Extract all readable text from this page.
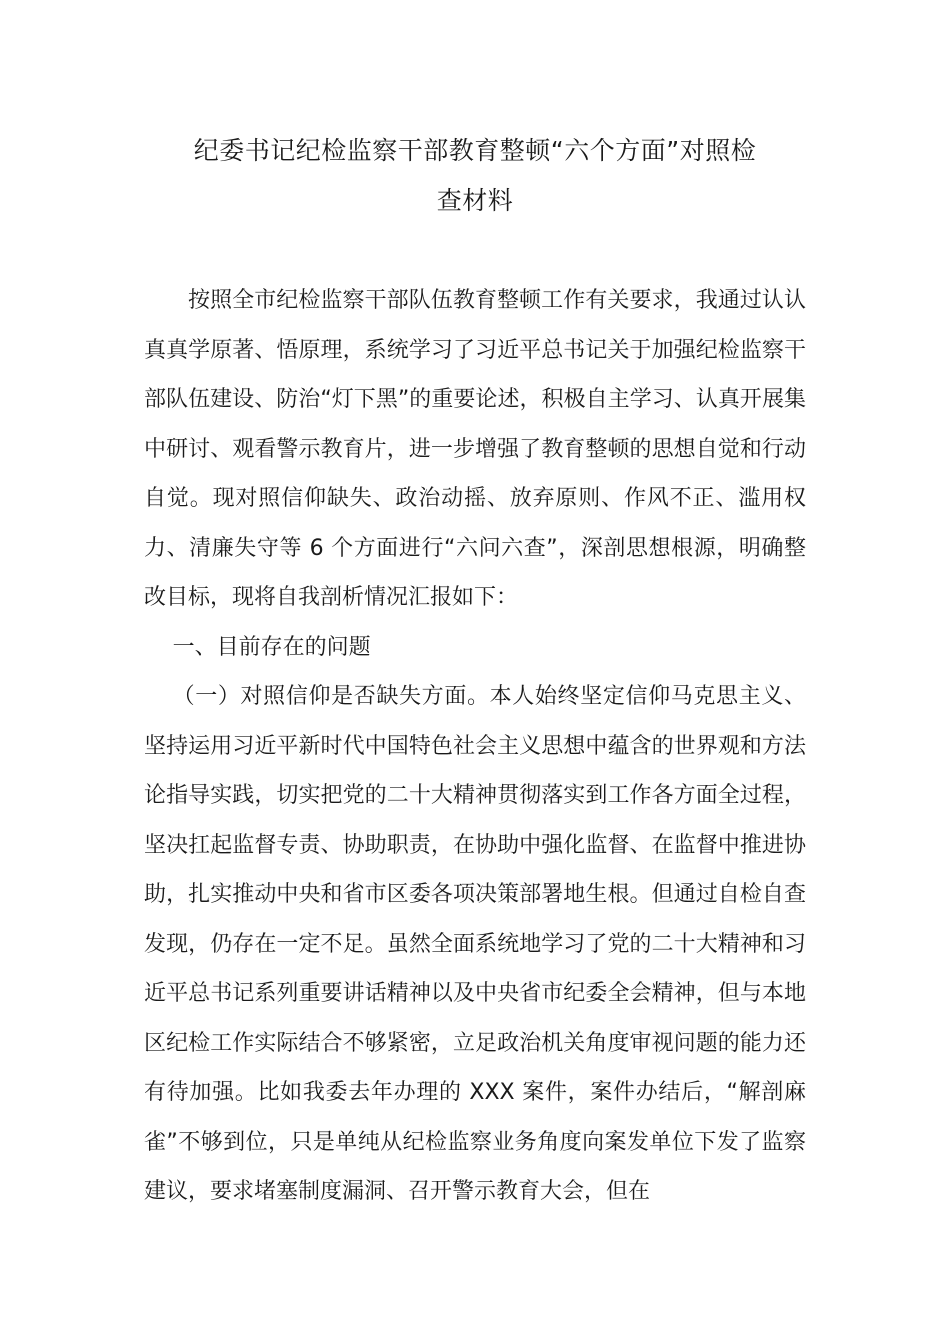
纪委书记纪检监察干部教育整顿“六个方面”对照检
查材料

按照全市纪检监察干部队伍教育整顿工作有关要求，我通过认认真真学原著、悟原理，系统学习了习近平总书记关于加强纪检监察干部队伍建设、防治“灯下黑”的重要论述，积极自主学习、认真开展集中研讨、观看警示教育片，进一步增强了教育整顿的思想自觉和行动自觉。现对照信仰缺失、政治动摇、放弃原则、作风不正、滥用权力、清廉失守等 6 个方面进行“六问六查”，深剖思想根源，明确整改目标，现将自我剖析情况汇报如下：

一、目前存在的问题

（一）对照信仰是否缺失方面。本人始终坚定信仰马克思主义、坚持运用习近平新时代中国特色社会主义思想中蕴含的世界观和方法论指导实践，切实把党的二十大精神贯彻落实到工作各方面全过程，坚决扛起监督专责、协助职责，在协助中强化监督、在监督中推进协助，扎实推动中央和省市区委各项决策部署地生根。但通过自检自查发现，仍存在一定不足。虽然全面系统地学习了党的二十大精神和习近平总书记系列重要讲话精神以及中央省市纪委全会精神，但与本地区纪检工作实际结合不够紧密，立足政治机关角度审视问题的能力还有待加强。比如我委去年办理的 XXX 案件，案件办结后，“解剖麻雀”不够到位，只是单纯从纪检监察业务角度向案发单位下发了监察建议，要求堵塞制度漏洞、召开警示教育大会，但在
